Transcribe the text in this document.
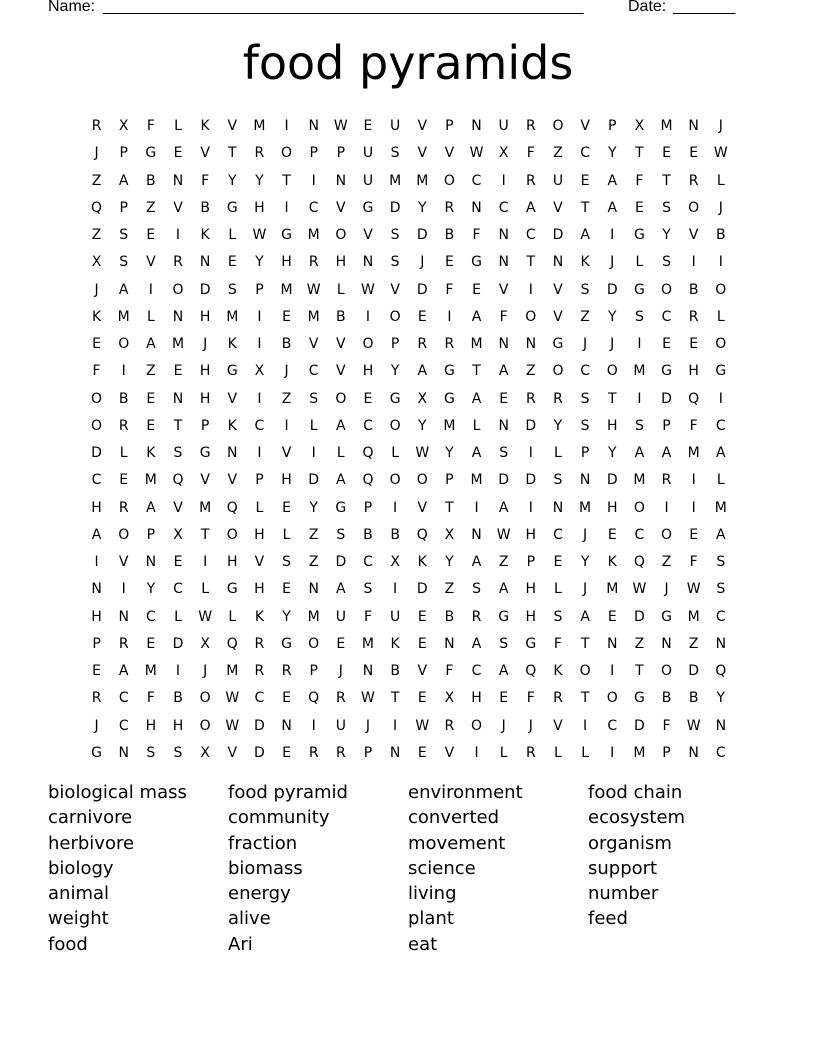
Name: ______________________________________________________	Date: _______
food pyramids
R	X	F	L	K	V	M	I	N	W	E	U	V	P	N	U	R	O	V	P	X	M	N	J
J	P	G	E	V	T	R	O	P	P	U	S	V	V	W	X	F	Z	C	Y	T	E	E	W
Z	A	B	N	F	Y	Y	T	I	N	U	M	M	O	C	I	R	U	E	A	F	T	R	L
Q	P	Z	V	B	G	H	I	C	V	G	D	Y	R	N	C	A	V	T	A	E	S	O	J
Z	S	E	I	K	L	W	G	M	O	V	S	D	B	F	N	C	D	A	I	G	Y	V	B
X	S	V	R	N	E	Y	H	R	H	N	S	J	E	G	N	T	N	K	J	L	S	I	I
J	A	I	O	D	S	P	M	W	L	W	V	D	F	E	V	I	V	S	D	G	O	B	O
K	M	L	N	H	M	I	E	M	B	I	O	E	I	A	F	O	V	Z	Y	S	C	R	L
E	O	A	M	J	K	I	B	V	V	O	P	R	R	M	N	N	G	J	J	I	E	E	O
F	I	Z	E	H	G	X	J	C	V	H	Y	A	G	T	A	Z	O	C	O	M	G	H	G
O	B	E	N	H	V	I	Z	S	O	E	G	X	G	A	E	R	R	S	T	I	D	Q	I
O	R	E	T	P	K	C	I	L	A	C	O	Y	M	L	N	D	Y	S	H	S	P	F	C
D	L	K	S	G	N	I	V	I	L	Q	L	W	Y	A	S	I	L	P	Y	A	A	M	A
C	E	M	Q	V	V	P	H	D	A	Q	O	O	P	M	D	D	S	N	D	M	R	I	L
H	R	A	V	M	Q	L	E	Y	G	P	I	V	T	I	A	I	N	M	H	O	I	I	M
A	O	P	X	T	O	H	L	Z	S	B	B	Q	X	N	W	H	C	J	E	C	O	E	A
I	V	N	E	I	H	V	S	Z	D	C	X	K	Y	A	Z	P	E	Y	K	Q	Z	F	S
N	I	Y	C	L	G	H	E	N	A	S	I	D	Z	S	A	H	L	J	M	W	J	W	S
H	N	C	L	W	L	K	Y	M	U	F	U	E	B	R	G	H	S	A	E	D	G	M	C
P	R	E	D	X	Q	R	G	O	E	M	K	E	N	A	S	G	F	T	N	Z	N	Z	N
E	A	M	I	J	M	R	R	P	J	N	B	V	F	C	A	Q	K	O	I	T	O	D	Q
R	C	F	B	O	W	C	E	Q	R	W	T	E	X	H	E	F	R	T	O	G	B	B	Y
J	C	H	H	O	W	D	N	I	U	J	I	W	R	O	J	J	V	I	C	D	F	W	N
G	N	S	S	X	V	D	E	R	R	P	N	E	V	I	L	R	L	L	I	M	P	N	C
biological mass	food pyramid	environment	food chain
carnivore	community	converted	ecosystem
herbivore	fraction	movement	organism
biology	biomass	science	support
animal	energy	living	number
weight	alive	plant	feed
food	Ari	eat
